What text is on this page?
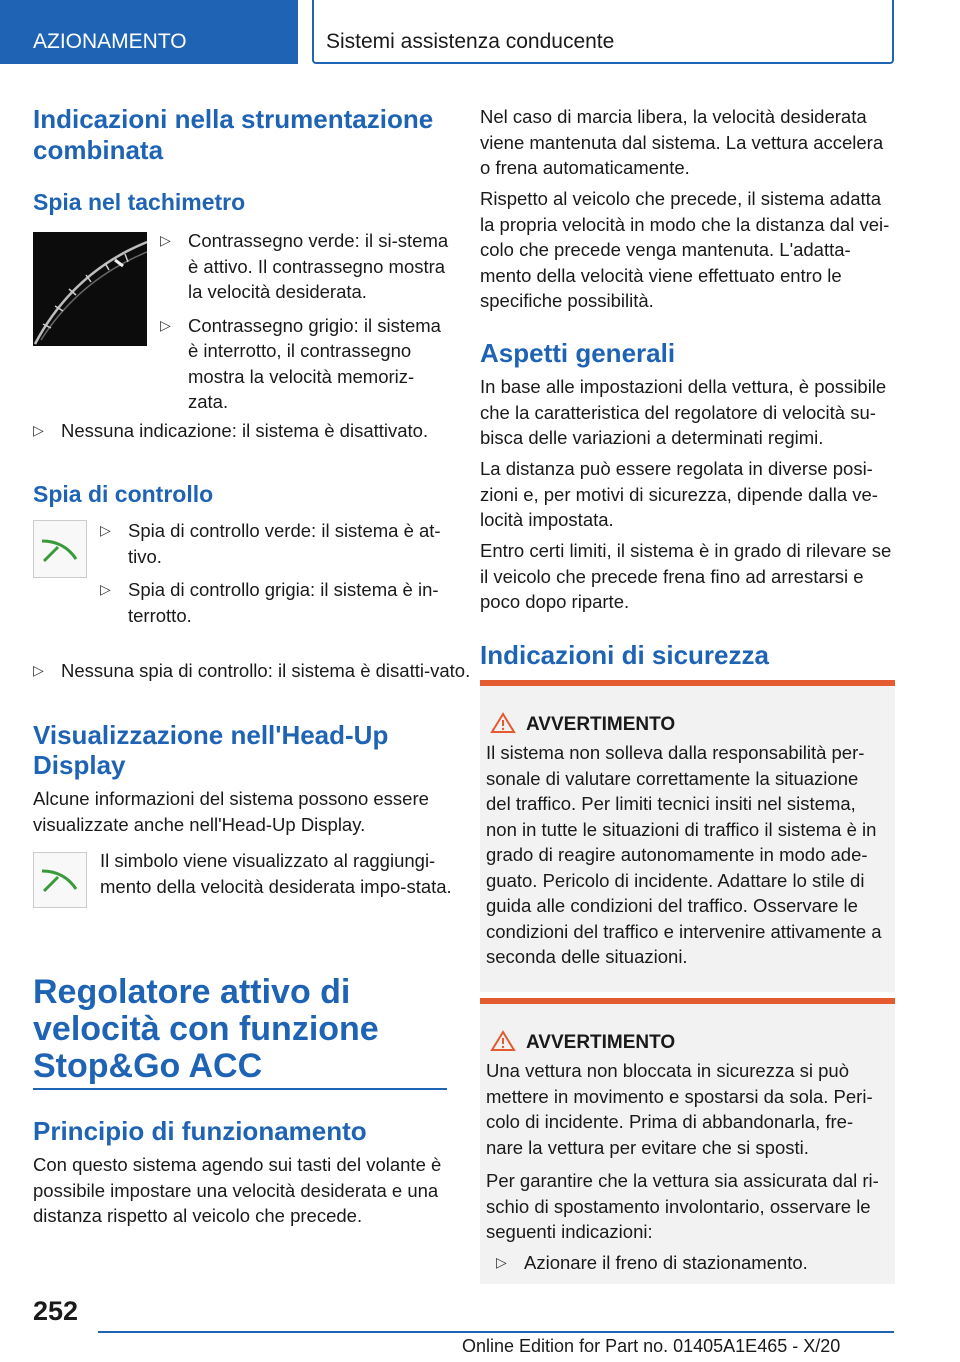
AZIONAMENTO	Sistemi assistenza conducente
Indicazioni nella strumentazione combinata
Spia nel tachimetro
▷ Contrassegno verde: il si-stema è attivo. Il contrassegno mostra la velocità desiderata.
▷ Contrassegno grigio: il sistema è interrotto, il contrassegno mostra la velocità memoriz-zata.
▷ Nessuna indicazione: il sistema è disattivato.
Spia di controllo
▷ Spia di controllo verde: il sistema è at-tivo.
▷ Spia di controllo grigia: il sistema è in-terrotto.
▷ Nessuna spia di controllo: il sistema è disatti-vato.
Visualizzazione nell'Head-Up Display
Alcune informazioni del sistema possono essere visualizzate anche nell'Head-Up Display.
Il simbolo viene visualizzato al raggiungi-mento della velocità desiderata impo-stata.
Regolatore attivo di velocità con funzione Stop&Go ACC
Principio di funzionamento
Con questo sistema agendo sui tasti del volante è possibile impostare una velocità desiderata e una distanza rispetto al veicolo che precede.
Nel caso di marcia libera, la velocità desiderata viene mantenuta dal sistema. La vettura accelera o frena automaticamente.
Rispetto al veicolo che precede, il sistema adatta la propria velocità in modo che la distanza dal vei-colo che precede venga mantenuta. L'adatta-mento della velocità viene effettuato entro le specifiche possibilità.
Aspetti generali
In base alle impostazioni della vettura, è possibile che la caratteristica del regolatore di velocità su-bisca delle variazioni a determinati regimi.
La distanza può essere regolata in diverse posi-zioni e, per motivi di sicurezza, dipende dalla ve-locità impostata.
Entro certi limiti, il sistema è in grado di rilevare se il veicolo che precede frena fino ad arrestarsi e poco dopo riparte.
Indicazioni di sicurezza
AVVERTIMENTO
Il sistema non solleva dalla responsabilità per-sonale di valutare correttamente la situazione del traffico. Per limiti tecnici insiti nel sistema, non in tutte le situazioni di traffico il sistema è in grado di reagire autonomamente in modo ade-guato. Pericolo di incidente. Adattare lo stile di guida alle condizioni del traffico. Osservare le condizioni del traffico e intervenire attivamente a seconda delle situazioni.
AVVERTIMENTO
Una vettura non bloccata in sicurezza si può mettere in movimento e spostarsi da sola. Peri-colo di incidente. Prima di abbandonarla, fre-nare la vettura per evitare che si sposti.
Per garantire che la vettura sia assicurata dal ri-schio di spostamento involontario, osservare le seguenti indicazioni:
▷ Azionare il freno di stazionamento.
252
Online Edition for Part no. 01405A1E465 - X/20
